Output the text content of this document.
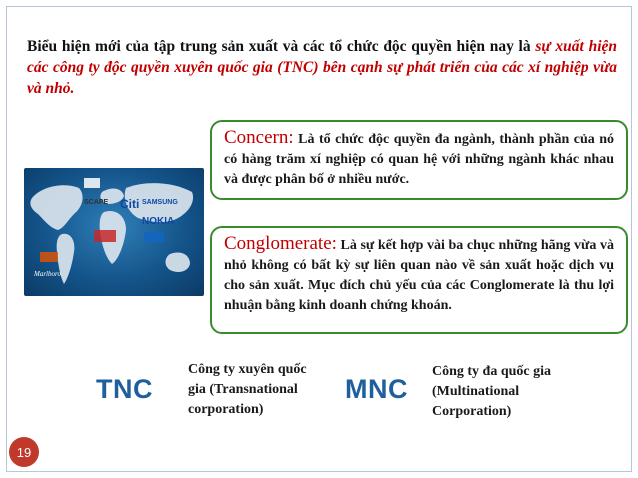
Biểu hiện mới của tập trung sản xuất và các tổ chức độc quyền hiện nay là sự xuất hiện các công ty độc quyền xuyên quốc gia (TNC) bên cạnh sự phát triển của các xí nghiệp vừa và nhỏ.

Citi SAMSUNG
NOKIA
SCAPE
Marlboro
Concern: Là tổ chức độc quyền đa ngành, thành phần của nó có hàng trăm xí nghiệp có quan hệ với những ngành khác nhau và được phân bố ở nhiều nước.
Conglomerate: Là sự kết hợp vài ba chục những hãng vừa và nhỏ không có bất kỳ sự liên quan nào về sản xuất hoặc dịch vụ cho sản xuất. Mục đích chủ yếu của các Conglomerate là thu lợi nhuận bằng kinh doanh chứng khoán.
TNC
Công ty xuyên quốc
gia (Transnational
corporation)
MNC
Công ty đa quốc gia
(Multinational
Corporation)
19
